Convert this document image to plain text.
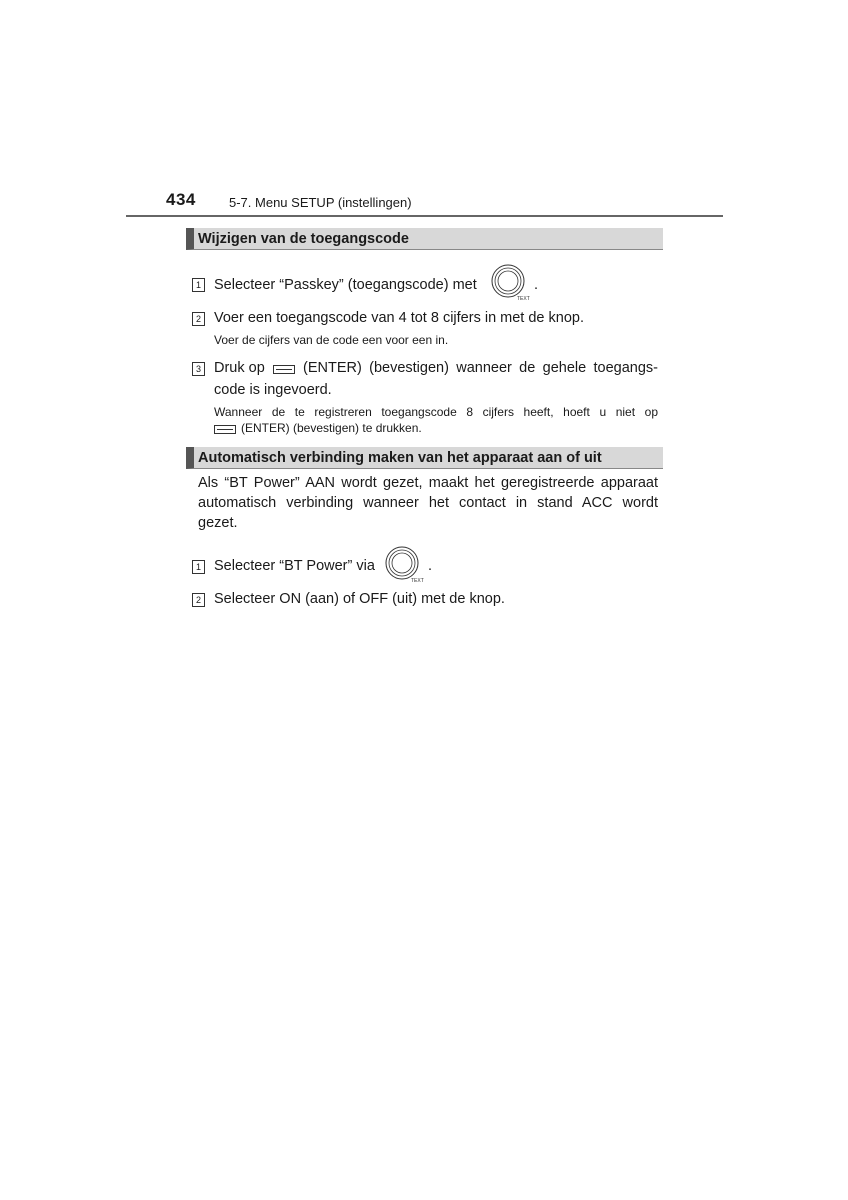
434	5-7. Menu SETUP (instellingen)
Wijzigen van de toegangscode
1 Selecteer “Passkey” (toegangscode) met
TEXT
.
2 Voer een toegangscode van 4 tot 8 cijfers in met de knop.
Voer de cijfers van de code een voor een in.
3 Druk op	(ENTER) (bevestigen) wanneer de gehele toegangs-
code is ingevoerd.
Wanneer de te registreren toegangscode 8 cijfers heeft, hoeft u niet op
(ENTER) (bevestigen) te drukken.
Automatisch verbinding maken van het apparaat aan of uit
Als “BT Power” AAN wordt gezet, maakt het geregistreerde apparaat
automatisch verbinding wanneer het contact in stand ACC wordt
gezet.
1 Selecteer “BT Power” via
TEXT
.
2 Selecteer ON (aan) of OFF (uit) met de knop.
